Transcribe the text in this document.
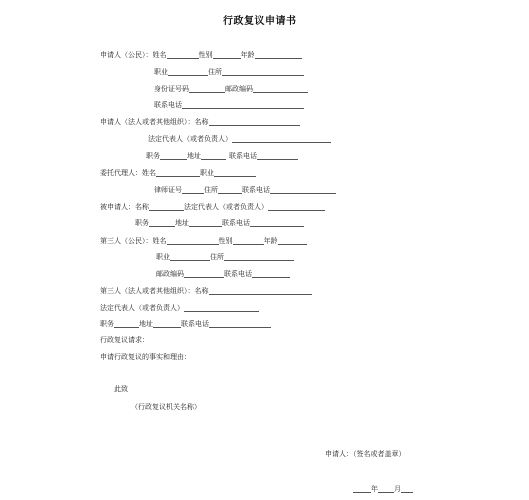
行政复议申请书
申请人（公民）： 姓名	性别	年龄
职业	住所
身份证号码	邮政编码
联系电话
申请人（法人或者其他组织）： 名称
法定代表人（或者负责人）
职务	地址	联系电话
委托代理人： 姓名	职业
律师证号	住所	联系电话
被申请人： 名称	法定代表人（或者负责人）
职务	地址	联系电话
第三人（公民）： 姓名	性别	年龄
职业	住所
邮政编码	联系电话
第三人（法人或者其他组织）： 名称
法定代表人（或者负责人）
职务	地址	联系电话
行政复议请求：
申请行政复议的事实和理由：
此致
（行政复议机关名称）
申请人：（签名或者盖章）
年 月
